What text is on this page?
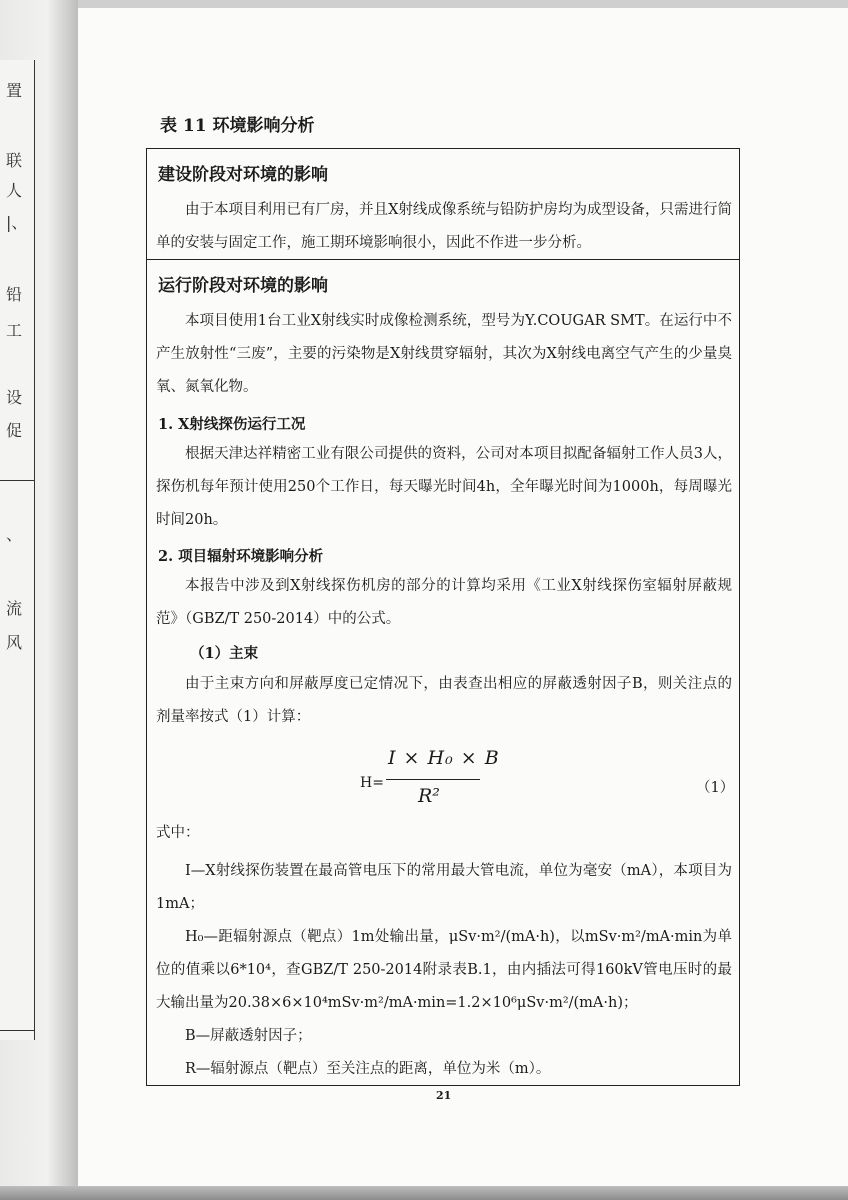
置
联
人
|、
铅
工
设
促
、
流
风
表 11 环境影响分析
建设阶段对环境的影响

由于本项目利用已有厂房，并且X射线成像系统与铅防护房均为成型设备，只需进行简单的安装与固定工作，施工期环境影响很小，因此不作进一步分析。

运行阶段对环境的影响

本项目使用1台工业X射线实时成像检测系统，型号为Y.COUGAR SMT。在运行中不产生放射性“三废”，主要的污染物是X射线贯穿辐射，其次为X射线电离空气产生的少量臭氧、氮氧化物。

1. X射线探伤运行工况

根据天津达祥精密工业有限公司提供的资料，公司对本项目拟配备辐射工作人员3人，探伤机每年预计使用250个工作日，每天曝光时间4h，全年曝光时间为1000h，每周曝光时间20h。

2. 项目辐射环境影响分析

本报告中涉及到X射线探伤机房的部分的计算均采用《工业X射线探伤室辐射屏蔽规范》（GBZ/T 250-2014）中的公式。

（1）主束

由于主束方向和屏蔽厚度已定情况下，由表查出相应的屏蔽透射因子B，则关注点的剂量率按式（1）计算：

H=
I × H₀ × B
R²	（1）

式中：

I—X射线探伤装置在最高管电压下的常用最大管电流，单位为毫安（mA），本项目为1mA；

H₀—距辐射源点（靶点）1m处输出量，μSv·m²/(mA·h)，以mSv·m²/mA·min为单位的值乘以6*10⁴，查GBZ/T 250-2014附录表B.1，由内插法可得160kV管电压时的最大输出量为20.38×6×10⁴mSv·m²/mA·min=1.2×10⁶μSv·m²/(mA·h)；

B—屏蔽透射因子；

R—辐射源点（靶点）至关注点的距离，单位为米（m）。

21
